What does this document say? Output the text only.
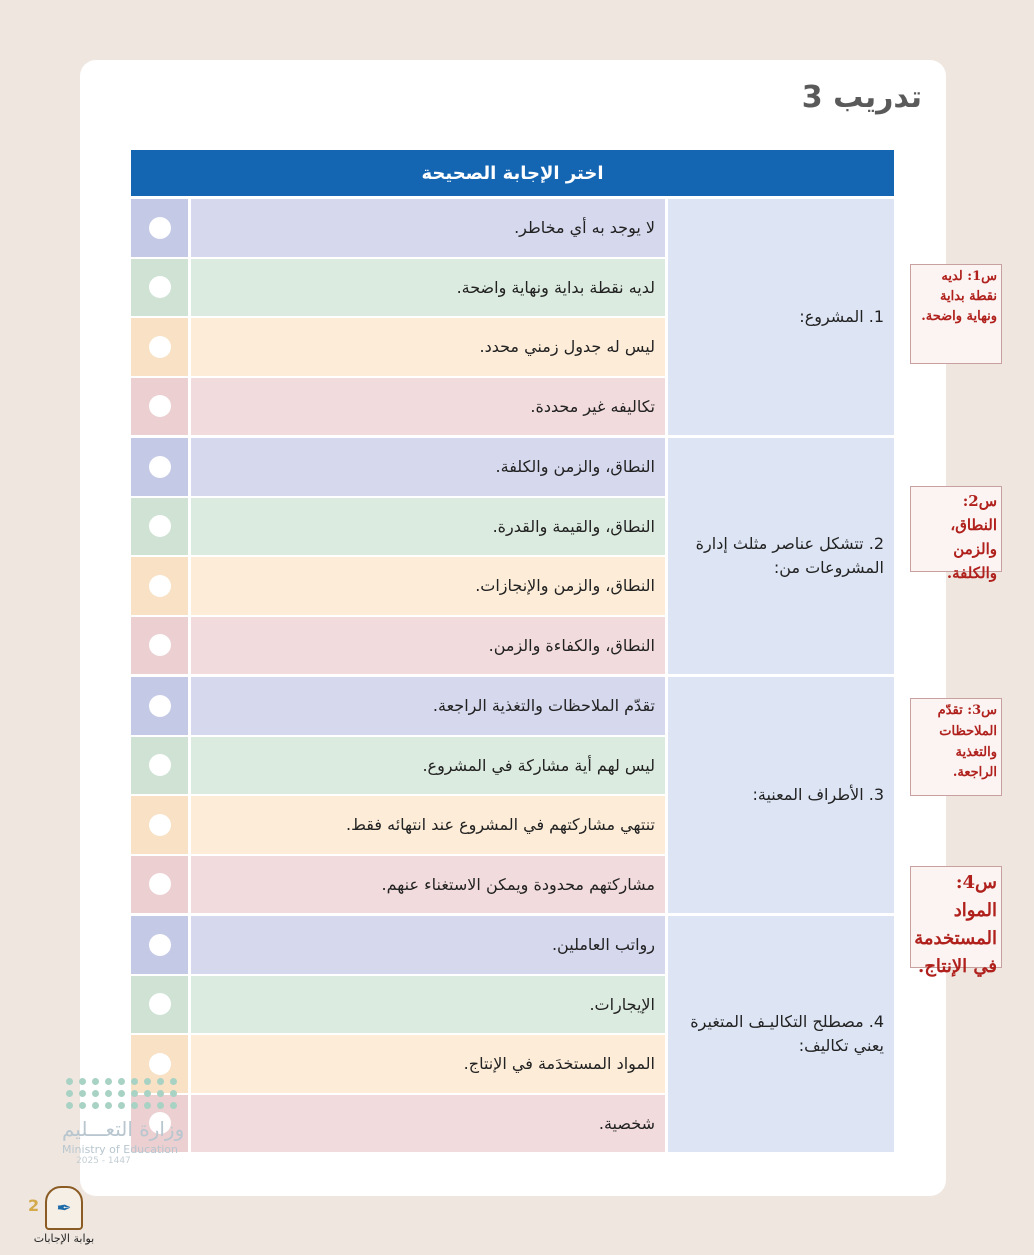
تدريب 3
اختر الإجابة الصحيحة
لا يوجد به أي مخاطر.
لديه نقطة بداية ونهاية واضحة.
ليس له جدول زمني محدد.
تكاليفه غير محددة.
1. المشروع:
النطاق، والزمن والكلفة.
النطاق، والقيمة والقدرة.
النطاق، والزمن والإنجازات.
النطاق، والكفاءة والزمن.
2. تتشكل عناصر مثلث إدارة المشروعات من:
تقدّم الملاحظات والتغذية الراجعة.
ليس لهم أية مشاركة في المشروع.
تنتهي مشاركتهم في المشروع عند انتهائه فقط.
مشاركتهم محدودة ويمكن الاستغناء عنهم.
3. الأطراف المعنية:
رواتب العاملين.
الإيجارات.
المواد المستخدَمة في الإنتاج.
شخصية.
4. مصطلح التكاليـف المتغيرة يعني تكاليف:
س1: لديه نقطة بداية ونهاية واضحة.
س2: النطاق، والزمن والكلفة.
س3: تقدّم الملاحظات والتغذية الراجعة.
س4: المواد المستخدمة في الإنتاج.
وزارة التعـــليم
Ministry of Education
2025 - 1447
2 ✒
بوابة الإجابات
